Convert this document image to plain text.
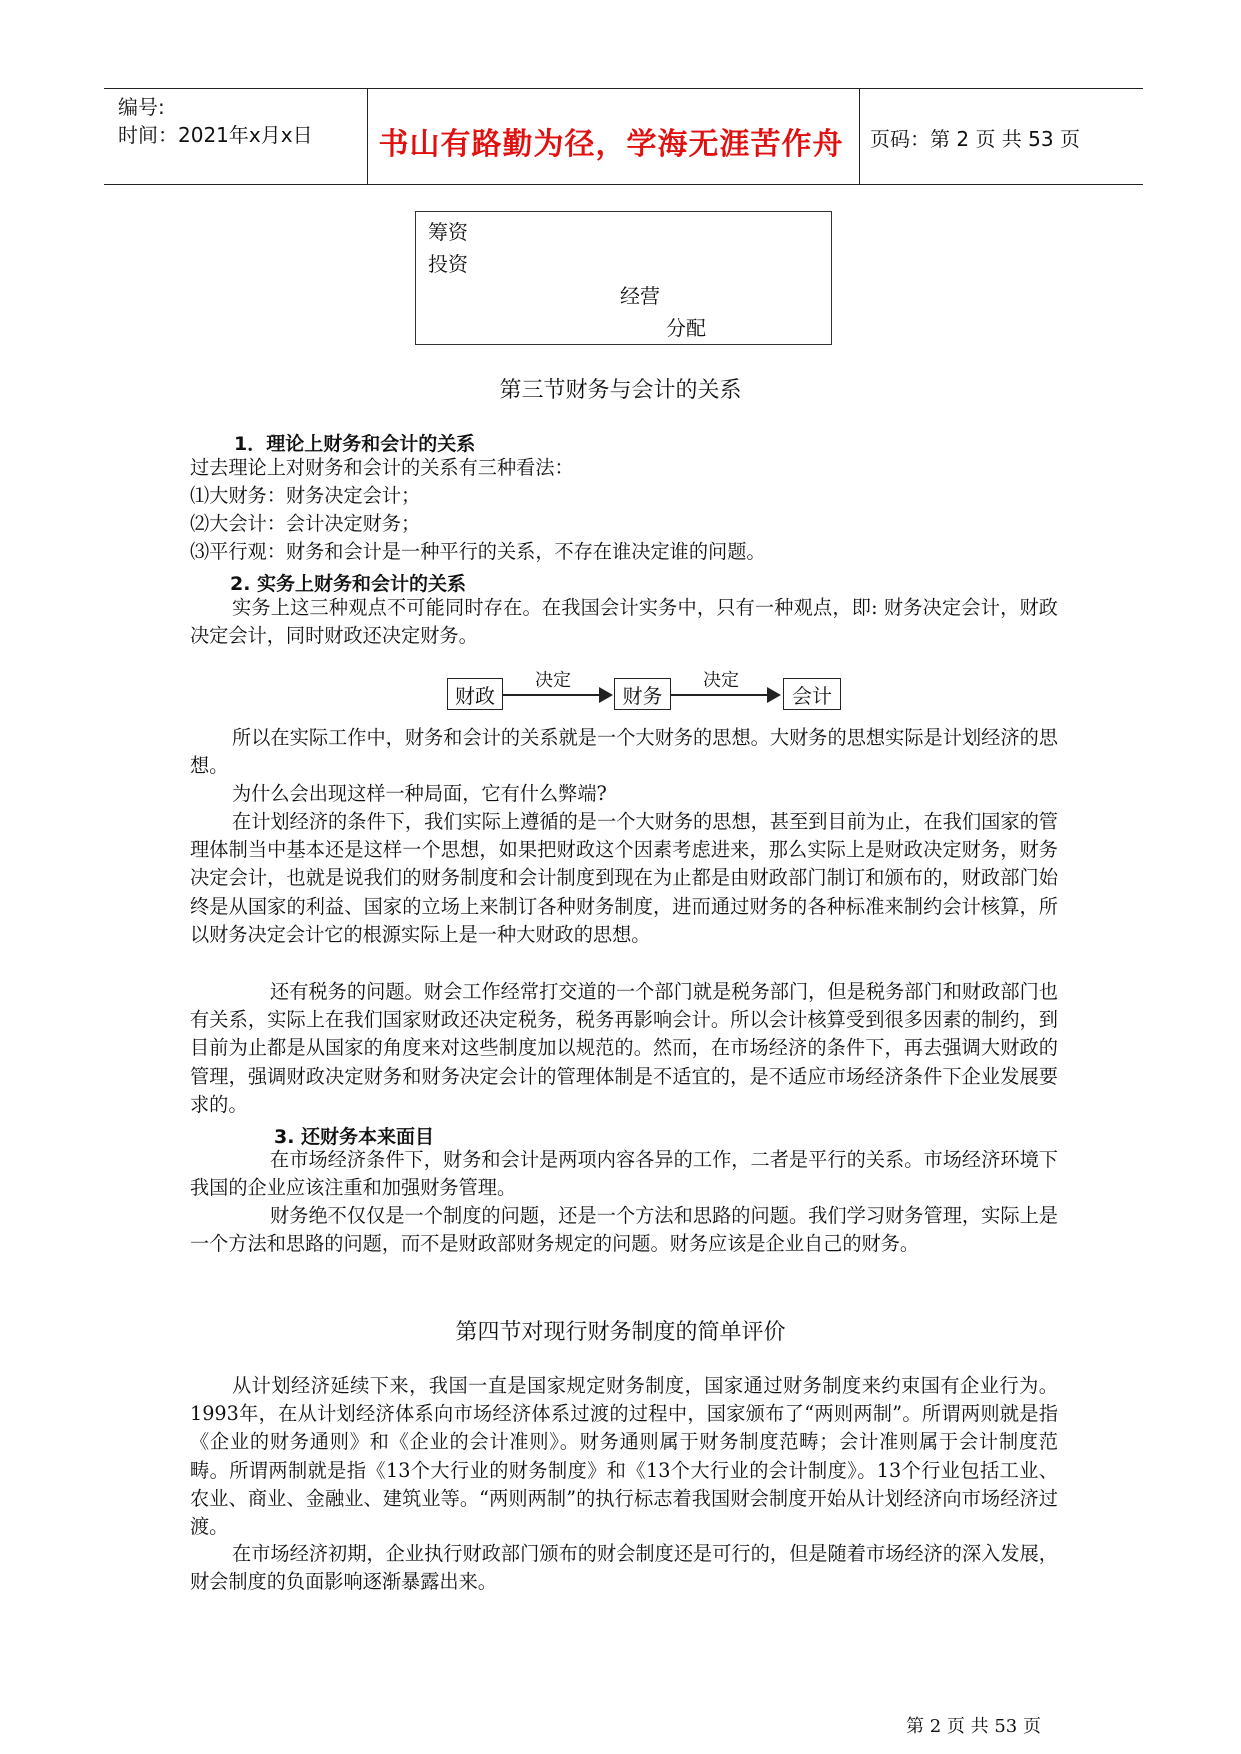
编号:
时间：2021年x月x日	书山有路勤为径，学海无涯苦作舟	页码：第 2 页 共 53 页
筹资
投资
经营
分配
第三节财务与会计的关系
1．理论上财务和会计的关系
过去理论上对财务和会计的关系有三种看法：
⑴大财务：财务决定会计；
⑵大会计：会计决定财务；
⑶平行观：财务和会计是一种平行的关系，不存在谁决定谁的问题。
2. 实务上财务和会计的关系
实务上这三种观点不可能同时存在。在我国会计实务中，只有一种观点，即: 财务决定会计，财政决定会计，同时财政还决定财务。
财政
决定
财务
决定
会计
所以在实际工作中，财务和会计的关系就是一个大财务的思想。大财务的思想实际是计划经济的思想。
为什么会出现这样一种局面，它有什么弊端?
在计划经济的条件下，我们实际上遵循的是一个大财务的思想，甚至到目前为止，在我们国家的管理体制当中基本还是这样一个思想，如果把财政这个因素考虑进来，那么实际上是财政决定财务，财务决定会计，也就是说我们的财务制度和会计制度到现在为止都是由财政部门制订和颁布的，财政部门始终是从国家的利益、国家的立场上来制订各种财务制度，进而通过财务的各种标准来制约会计核算，所以财务决定会计它的根源实际上是一种大财政的思想。
还有税务的问题。财会工作经常打交道的一个部门就是税务部门，但是税务部门和财政部门也有关系，实际上在我们国家财政还决定税务，税务再影响会计。所以会计核算受到很多因素的制约，到目前为止都是从国家的角度来对这些制度加以规范的。然而，在市场经济的条件下，再去强调大财政的管理，强调财政决定财务和财务决定会计的管理体制是不适宜的，是不适应市场经济条件下企业发展要求的。
3. 还财务本来面目
在市场经济条件下，财务和会计是两项内容各异的工作，二者是平行的关系。市场经济环境下我国的企业应该注重和加强财务管理。
财务绝不仅仅是一个制度的问题，还是一个方法和思路的问题。我们学习财务管理，实际上是一个方法和思路的问题，而不是财政部财务规定的问题。财务应该是企业自己的财务。
第四节对现行财务制度的简单评价
从计划经济延续下来，我国一直是国家规定财务制度，国家通过财务制度来约束国有企业行为。1993年，在从计划经济体系向市场经济体系过渡的过程中，国家颁布了“两则两制”。所谓两则就是指《企业的财务通则》和《企业的会计准则》。财务通则属于财务制度范畴；会计准则属于会计制度范畴。所谓两制就是指《13个大行业的财务制度》和《13个大行业的会计制度》。13个行业包括工业、农业、商业、金融业、建筑业等。“两则两制”的执行标志着我国财会制度开始从计划经济向市场经济过渡。
在市场经济初期，企业执行财政部门颁布的财会制度还是可行的，但是随着市场经济的深入发展，财会制度的负面影响逐渐暴露出来。
第 2 页 共 53 页
